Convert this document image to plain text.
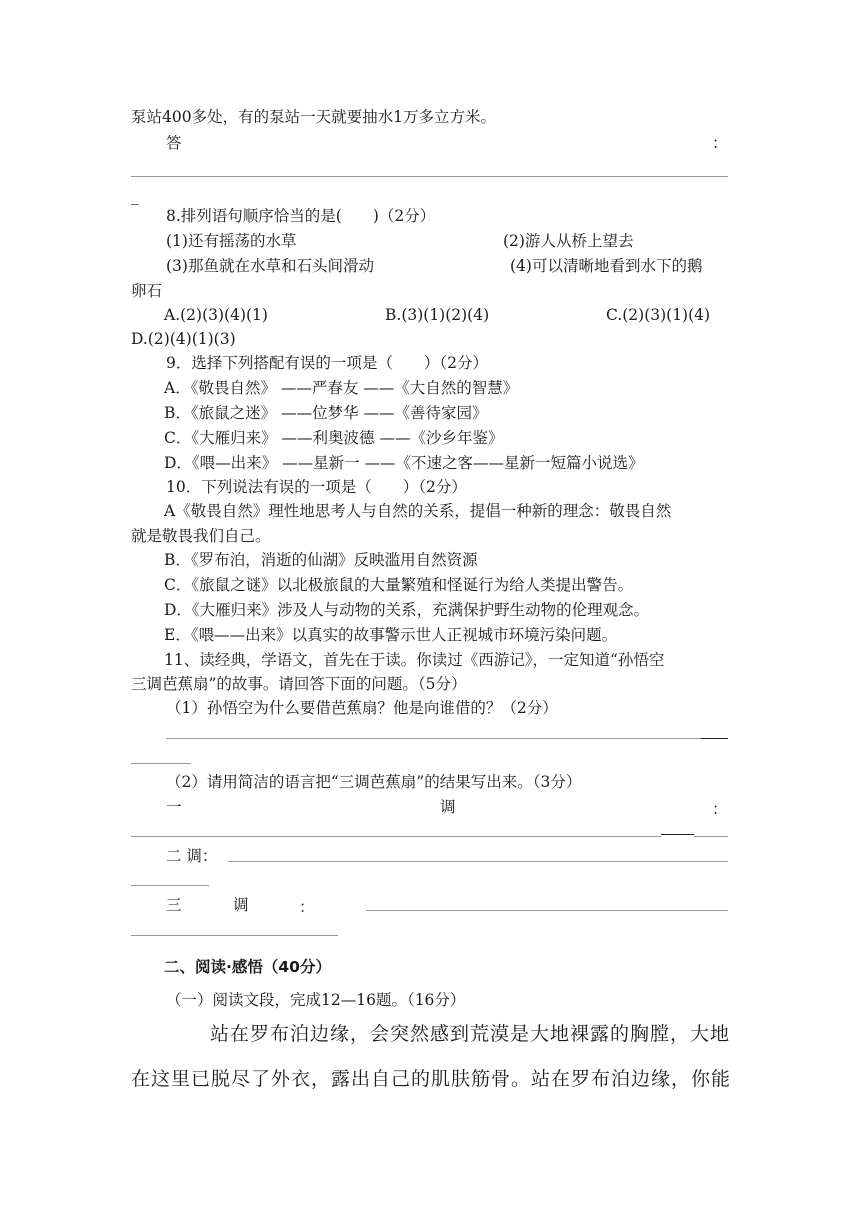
泵站400多处，有的泵站一天就要抽水1万多立方米。
答	：
_
8.排列语句顺序恰当的是(　　)（2分）
(1)还有摇荡的水草	(2)游人从桥上望去
(3)那鱼就在水草和石头间滑动	(4)可以清晰地看到水下的鹅
卵石
A.(2)(3)(4)(1)	B.(3)(1)(2)(4)	C.(2)(3)(1)(4)
D.(2)(4)(1)(3)
9．选择下列搭配有误的一项是（　　）（2分）
A．《敬畏自然》 ——严春友 ——《大自然的智慧》
B．《旅鼠之迷》 ——位梦华 ——《善待家园》
C．《大雁归来》 ——利奥波德 ——《沙乡年鉴》
D．《喂—出来》 ——星新一 ——《不速之客——星新一短篇小说选》
10．下列说法有误的一项是（　　）（2分）
A《敬畏自然》理性地思考人与自然的关系，提倡一种新的理念：敬畏自然
就是敬畏我们自己。
B．《罗布泊，消逝的仙湖》反映滥用自然资源
C．《旅鼠之谜》以北极旅鼠的大量繁殖和怪诞行为给人类提出警告。
D．《大雁归来》涉及人与动物的关系，充满保护野生动物的伦理观念。
E．《喂——出来》以真实的故事警示世人正视城市环境污染问题。
11、读经典，学语文，首先在于读。你读过《西游记》，一定知道“孙悟空
三调芭蕉扇”的故事。请回答下面的问题。（5分）
（1）孙悟空为什么要借芭蕉扇？他是向谁借的？（2分）
（2）请用简洁的语言把“三调芭蕉扇”的结果写出来。（3分）
一	调	：
二 调：
三	调	：
二、阅读·感悟（40分）
（一）阅读文段，完成12—16题。（16分）
站在罗布泊边缘，会突然感到荒漠是大地裸露的胸膛，大地
在这里已脱尽了外衣，露出自己的肌肤筋骨。站在罗布泊边缘，你能
